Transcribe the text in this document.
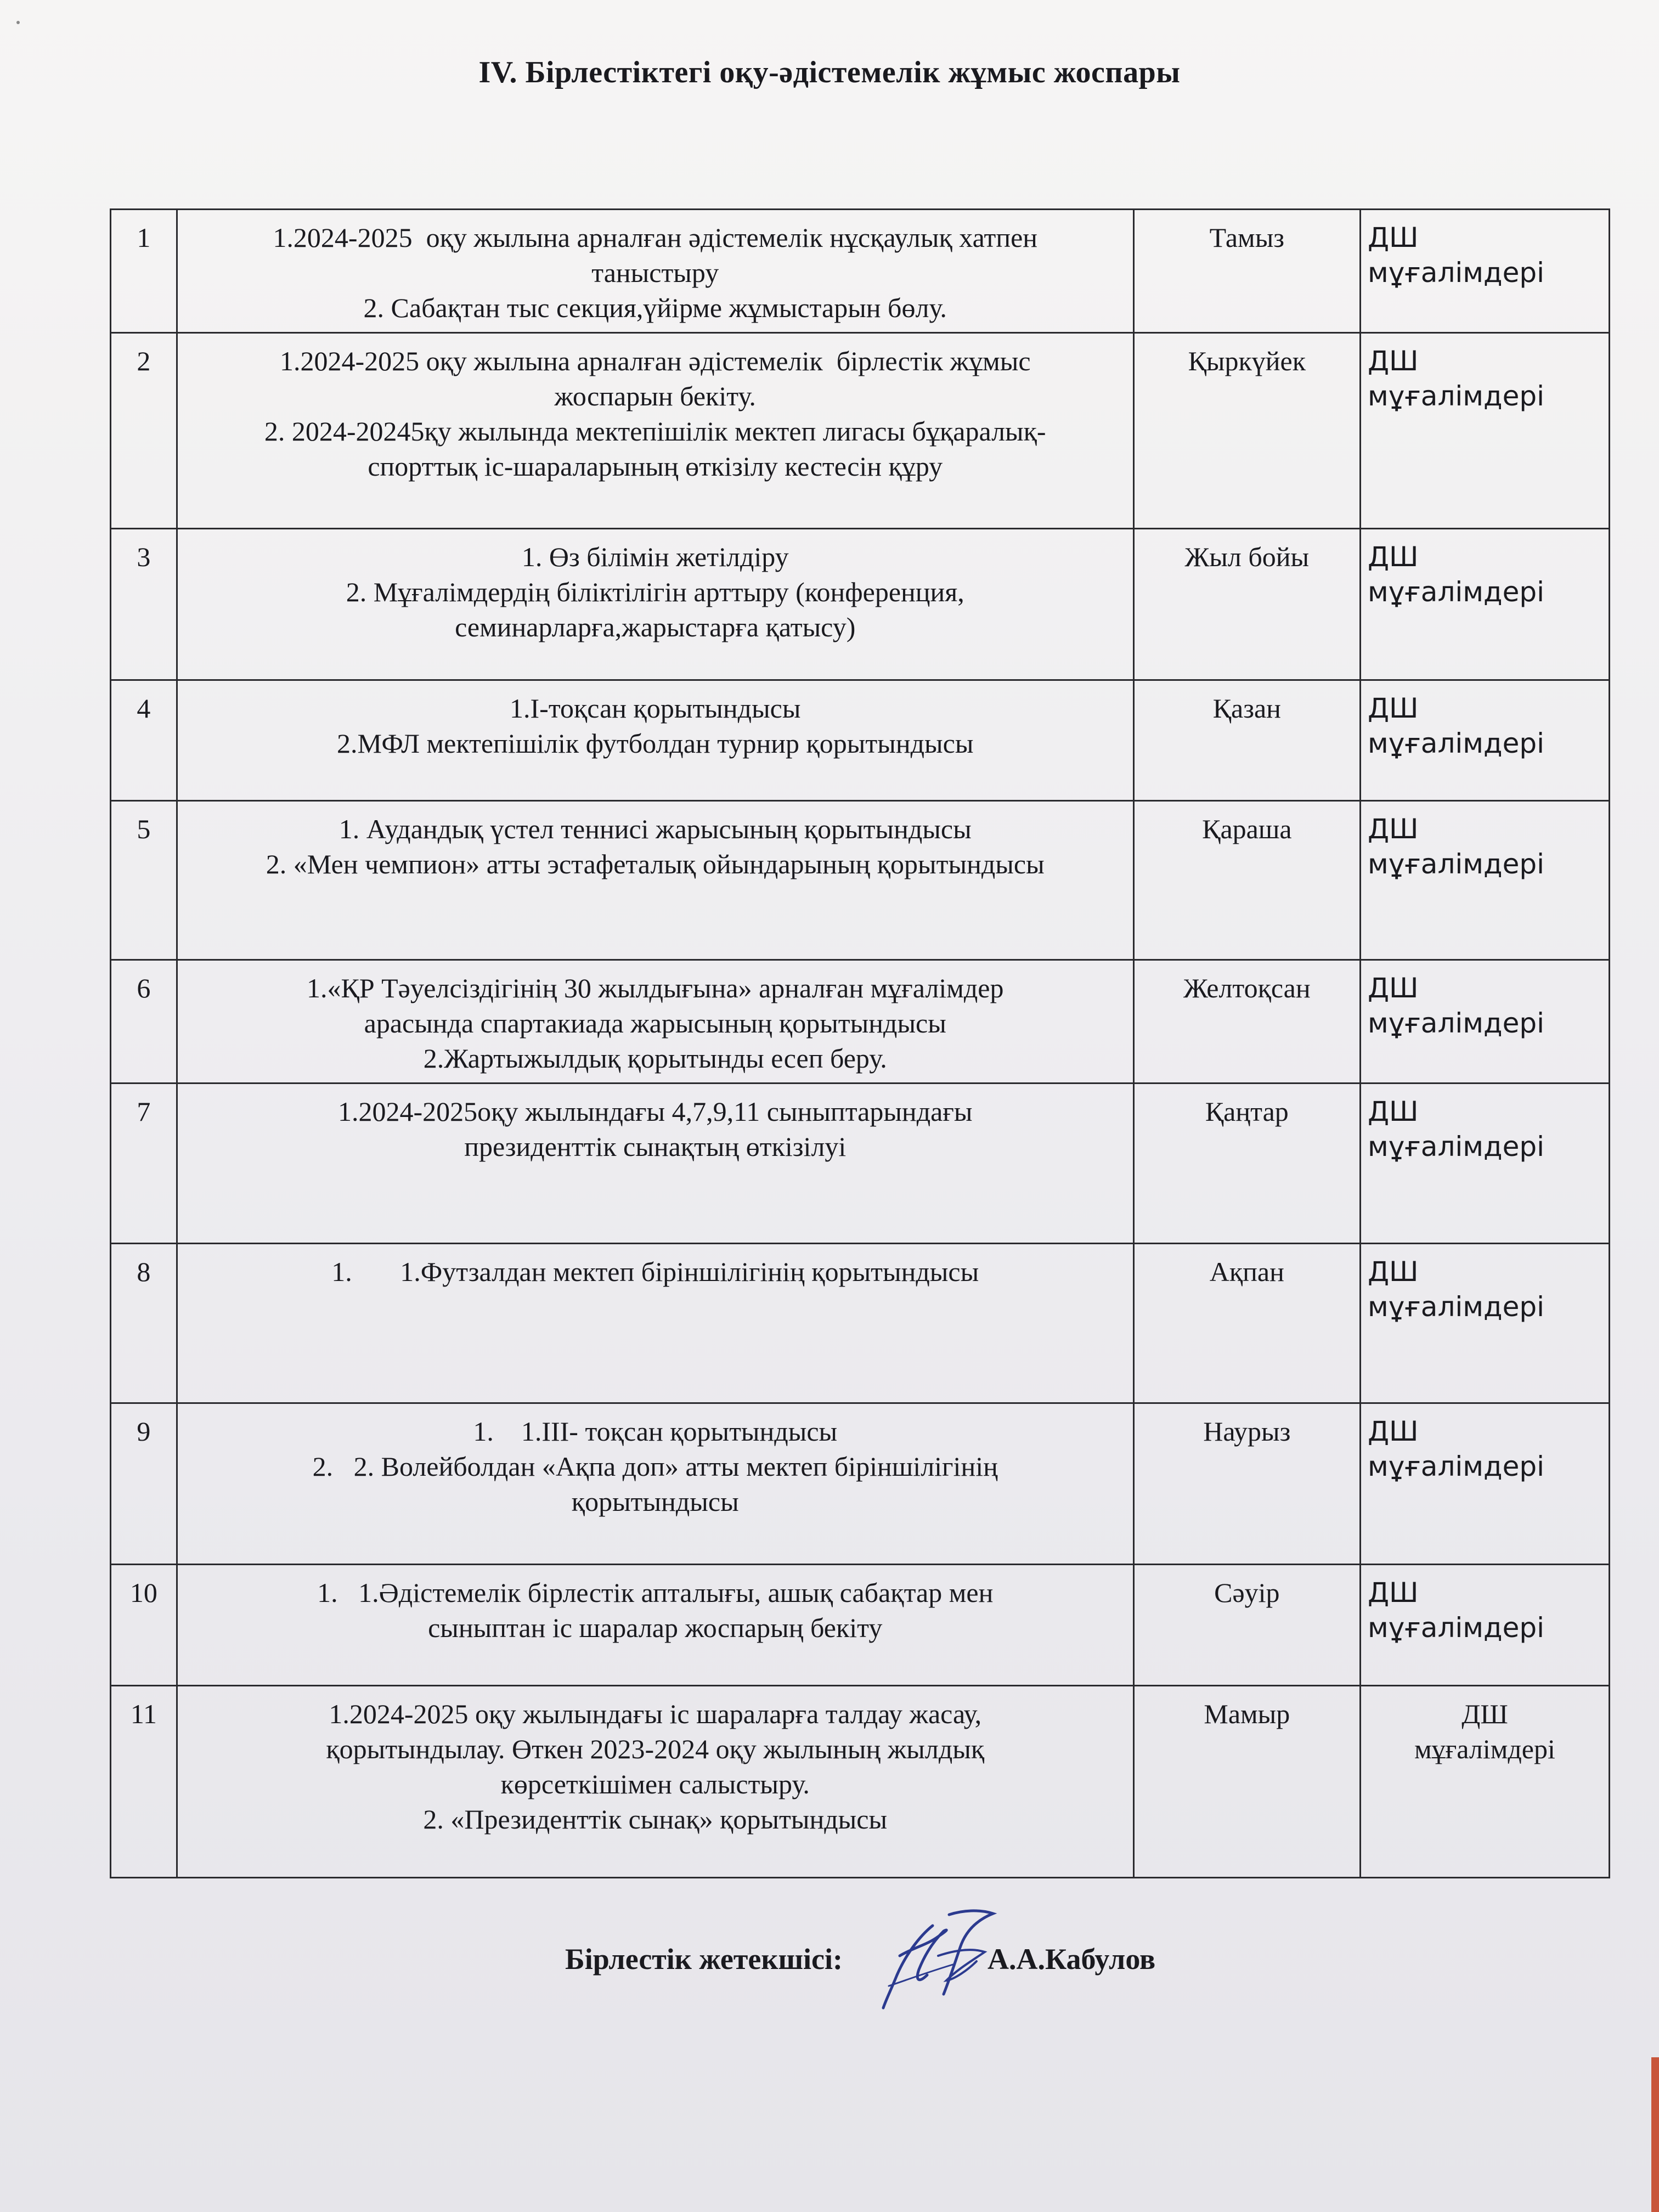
IV. Бірлестіктегі оқу-әдістемелік жұмыс жоспары
1	1.2024-2025  оқу жылына арналған әдістемелік нұсқаулық хатпен
таныстыру
2. Сабақтан тыс секция,үйірме жұмыстарын бөлу.	Тамыз	ДШ
мұғалімдері

2	1.2024-2025 оқу жылына арналған әдістемелік  бірлестік жұмыс
жоспарын бекіту.
2. 2024-20245қу жылында мектепішілік мектеп лигасы бұқаралық-
спорттық іс-шараларының өткізілу кестесін құру	Қыркүйек	ДШ
мұғалімдері

3	1. Өз білімін жетілдіру
2. Мұғалімдердің біліктілігін арттыру (конференция,
семинарларға,жарыстарға қатысу)	Жыл бойы	ДШ
мұғалімдері

4	1.I-тоқсан қорытындысы
2.МФЛ мектепішілік футболдан турнир қорытындысы	Қазан	ДШ
мұғалімдері

5	1. Аудандық үстел теннисі жарысының қорытындысы
2. «Мен чемпион» атты эстафеталық ойындарының қорытындысы	Қараша	ДШ
мұғалімдері

6	1.«ҚР Тәуелсіздігінің 30 жылдығына» арналған мұғалімдер
арасында спартакиада жарысының қорытындысы
2.Жартыжылдық қорытынды есеп беру.	Желтоқсан	ДШ
мұғалімдері

7	1.2024-2025оқу жылындағы 4,7,9,11 сыныптарындағы
президенттік сынақтың өткізілуі	Қаңтар	ДШ
мұғалімдері

8	1.       1.Футзалдан мектеп біріншілігінің қорытындысы	Ақпан	ДШ
мұғалімдері

9	1.    1.III- тоқсан қорытындысы
2.   2. Волейболдан «Ақпа доп» атты мектеп біріншілігінің
қорытындысы	Наурыз	ДШ
мұғалімдері

10	1.   1.Әдістемелік бірлестік апталығы, ашық сабақтар мен
сыныптан іс шаралар жоспарың бекіту	Сәуір	ДШ
мұғалімдері

11	1.2024-2025 оқу жылындағы іс шараларға талдау жасау,
қорытындылау. Өткен 2023-2024 оқу жылының жылдық
көрсеткішімен салыстыру.
2. «Президенттік сынақ» қорытындысы	Мамыр	ДШ
мұғалімдері
Бірлестік жетекшісі:	А.А.Кабулов
